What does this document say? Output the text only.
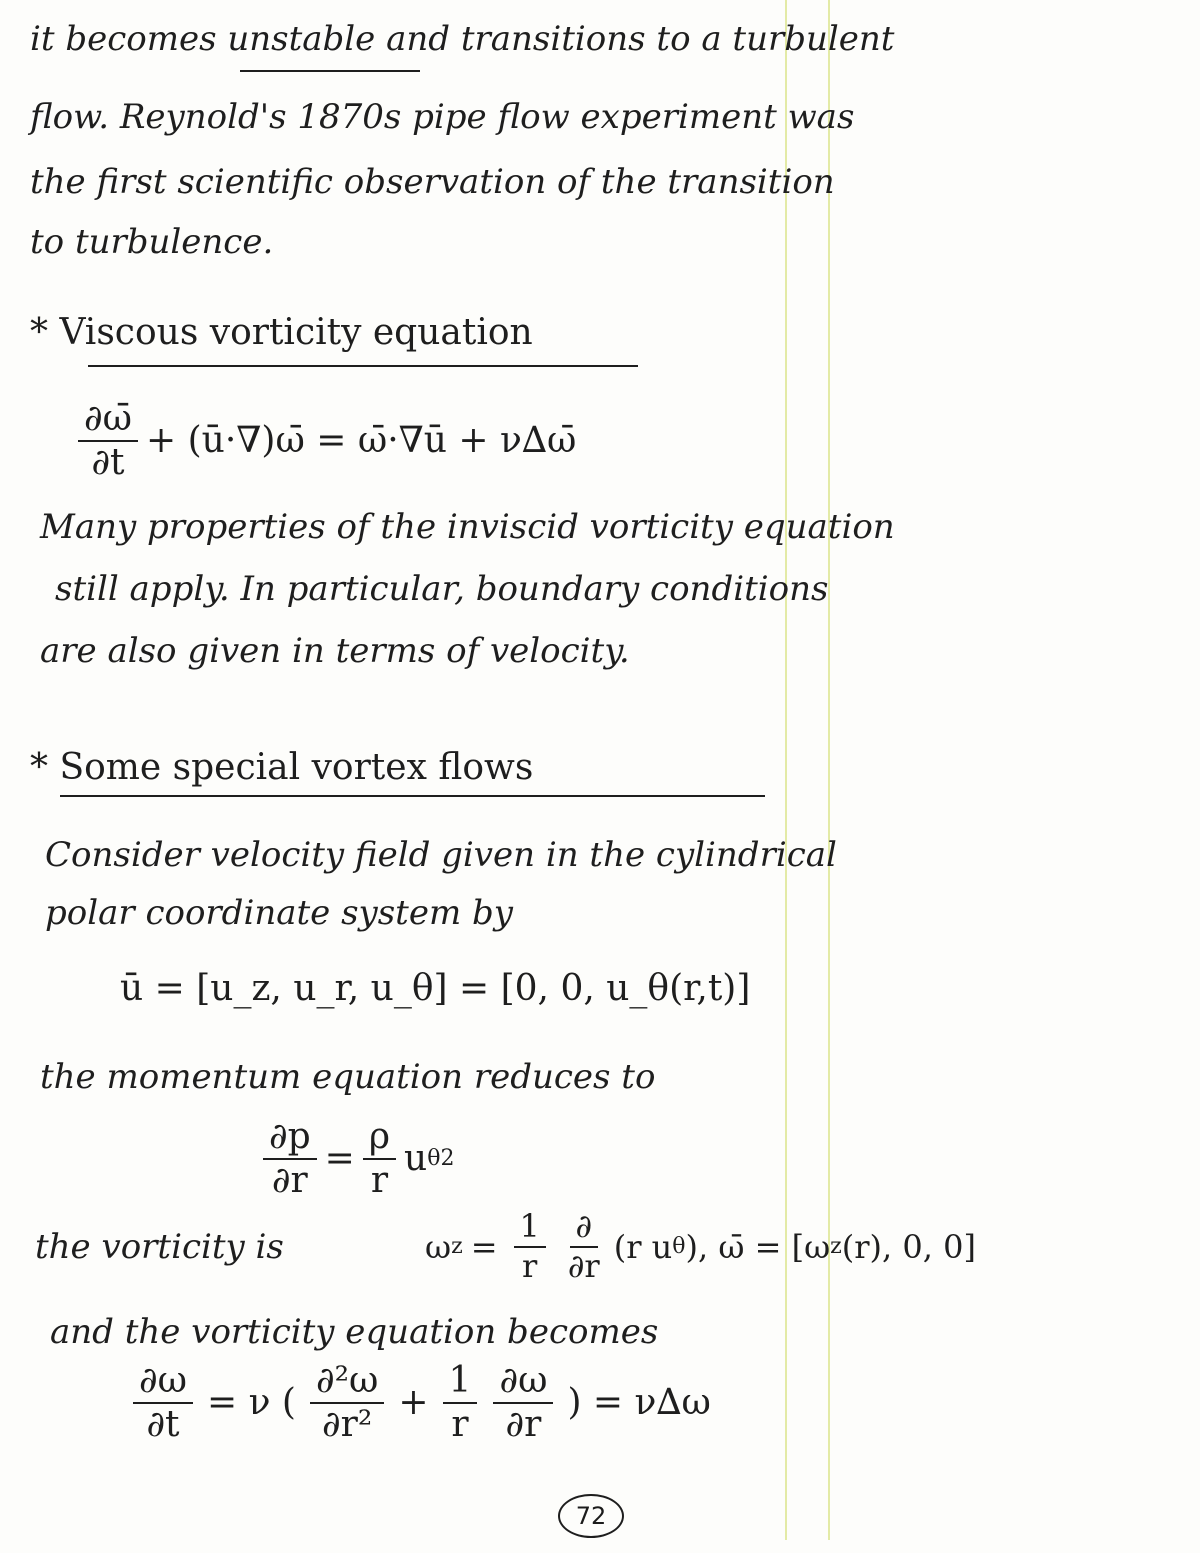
it becomes unstable and transitions to a turbulent
flow. Reynold's 1870s pipe flow experiment was
the first scientific observation of the transition
to turbulence.
* Viscous vorticity equation
$\frac{\partial\omegā}{\partial t}$ + (ū·∇)ω̄ = ω̄·∇ū + ν∆ω̄
Many properties of the inviscid vorticity equation
still apply. In particular, boundary conditions
are also given in terms of velocity.
* Some special vortex flows
Consider velocity field given in the cylindrical
polar coordinate system by
ū = [u_z, u_r, u_θ] = [0, 0, u_θ(r,t)]
the momentum equation reduces to
$\frac{\partial p}{\partial r} = \frac{\rho}{r}$ u θ 2
the vorticity is	ω $z = \frac{1}{r} \frac{\partial}{\partial r} (r$ u θ ), ω̄ = [ω z (r), 0, 0]
and the vorticity equation becomes
$\frac{\partial\omega}{\partial t} = \nu$ ( $\frac{\text{∂²ω}}{\text{∂r²}} + \frac{1}{r} \frac{\partial\omega}{\partial r}$ ) = ν∆ω
72
